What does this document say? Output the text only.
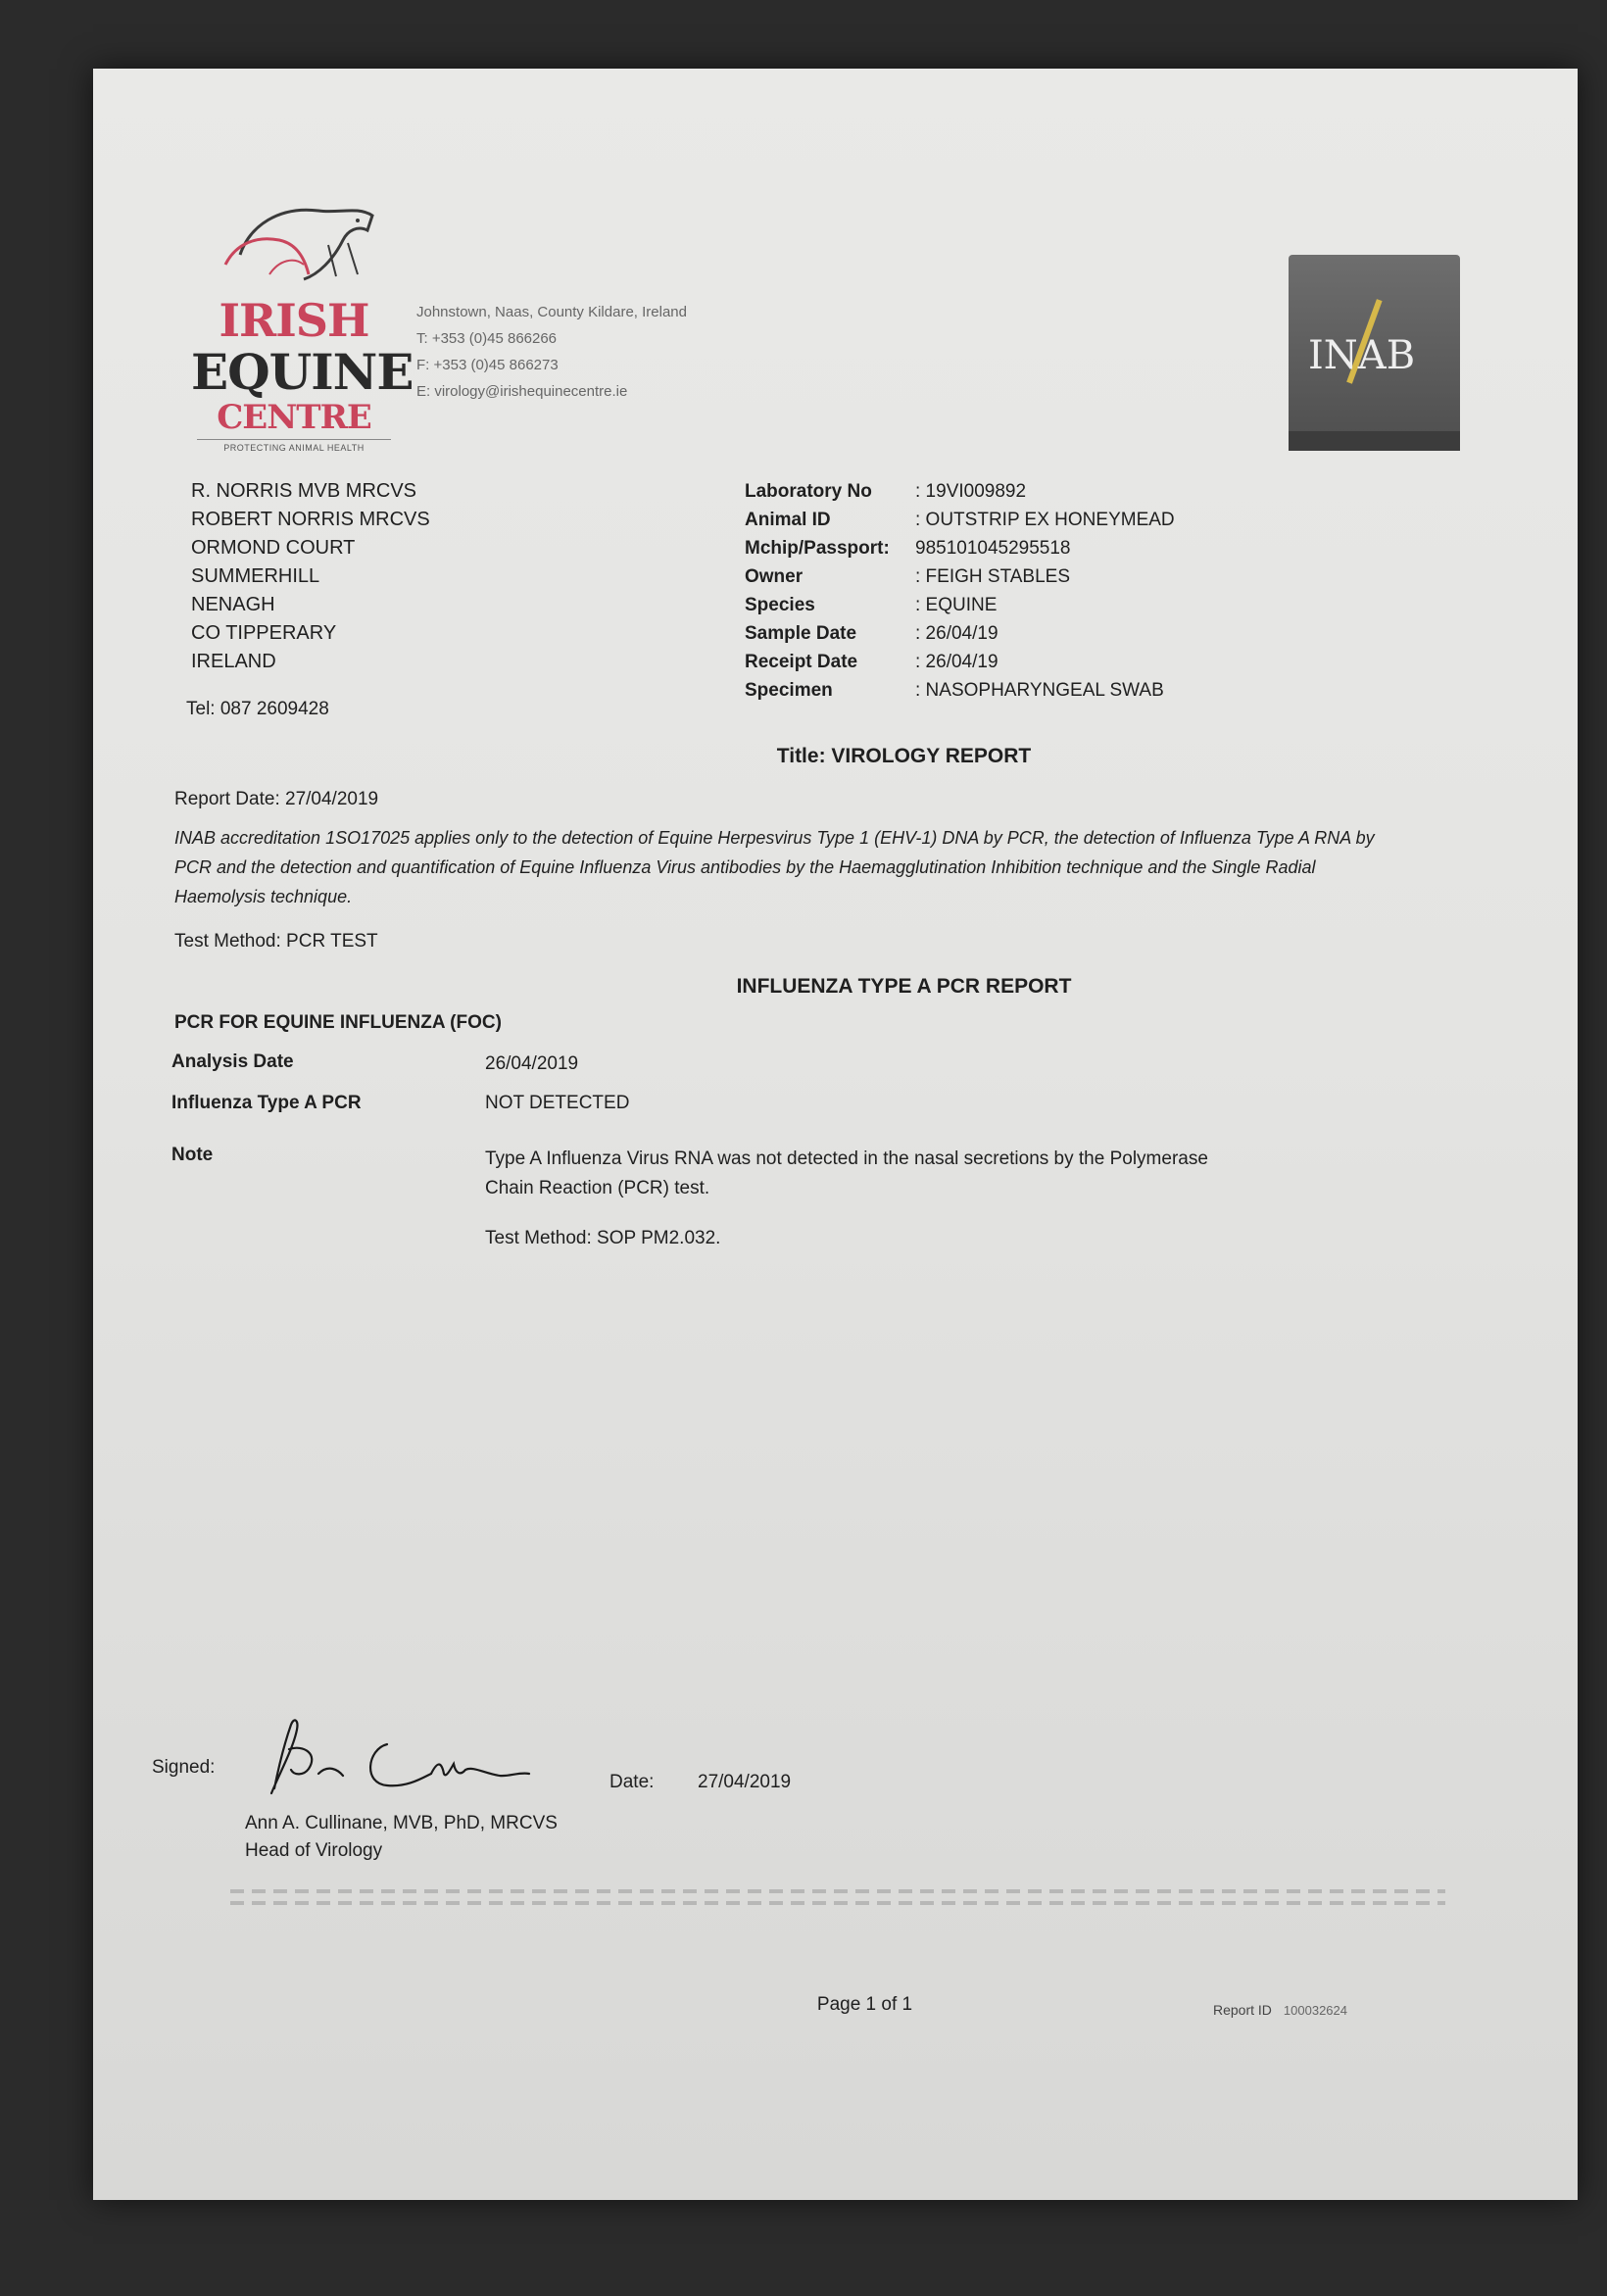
IRISH
EQUINE
CENTRE
PROTECTING ANIMAL HEALTH
Johnstown, Naas, County Kildare, Ireland
T: +353 (0)45 866266
F: +353 (0)45 866273
E: virology@irishequinecentre.ie
INAB
R. NORRIS MVB MRCVS
ROBERT NORRIS MRCVS
ORMOND COURT
SUMMERHILL
NENAGH
CO TIPPERARY
IRELAND
Tel: 087 2609428
Laboratory No	: 19VI009892
Animal ID	: OUTSTRIP EX HONEYMEAD
Mchip/Passport:	985101045295518
Owner	: FEIGH STABLES
Species	: EQUINE
Sample Date	: 26/04/19
Receipt Date	: 26/04/19
Specimen	: NASOPHARYNGEAL SWAB
Title: VIROLOGY REPORT
Report Date: 27/04/2019
INAB accreditation 1SO17025 applies only to the detection of Equine Herpesvirus Type 1 (EHV-1) DNA by PCR, the detection of Influenza Type A RNA by PCR and the detection and quantification of Equine Influenza Virus antibodies by the Haemagglutination Inhibition technique and the Single Radial Haemolysis technique.
Test Method: PCR TEST
INFLUENZA TYPE A PCR REPORT
PCR FOR EQUINE INFLUENZA (FOC)
Analysis Date	26/04/2019
Influenza Type A PCR	NOT DETECTED
Note	Type A Influenza Virus RNA was not detected in the nasal secretions by the Polymerase Chain Reaction (PCR) test.
Test Method: SOP PM2.032.
Signed:
Date: 27/04/2019
Ann A. Cullinane, MVB, PhD, MRCVS
Head of Virology
Page 1 of 1	Report ID 100032624
